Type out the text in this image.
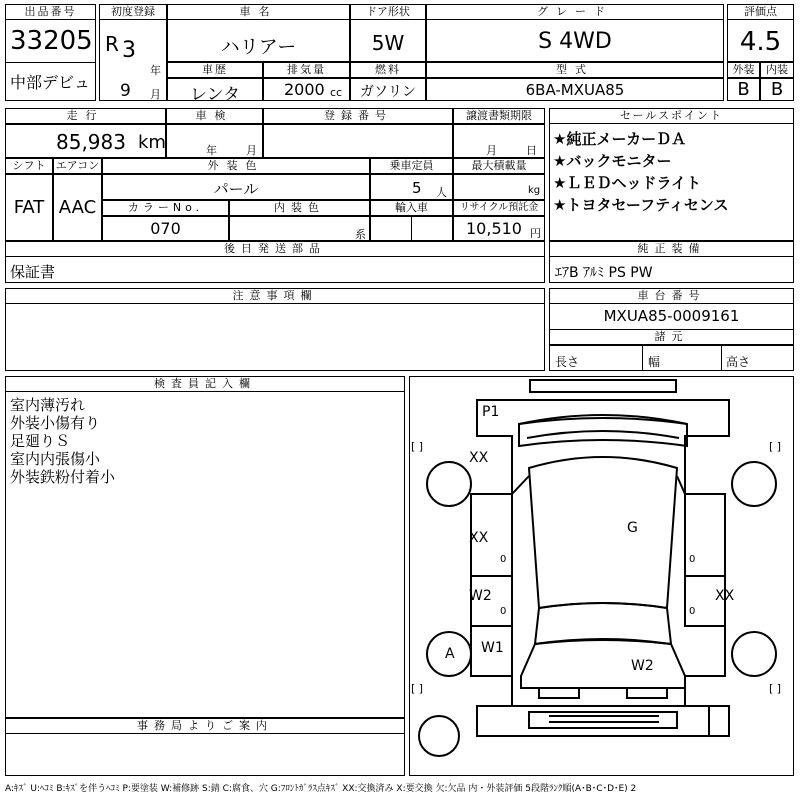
出品番号
33205
中部デビュ
初度登録
R 3
年
9 月
車名
ハリアー
ドア形状
5W
グレード
S 4WD
評価点
4.5
車歴
レンタ
排気量
2000 cc
燃料
ガソリン
型式
6BA-MXUA85
外装	内装
B	B
走行
85,983 km
車検
年	月
登録番号	譲渡書類期限
月	日
シフト
FAT
エアコン
AAC
外装色
パール
乗車定員
5 人
最大積載量
kg
カラーNo.
070
内装色
系
輸入車	リサイクル預託金
10,510 円
セールスポイント
★純正メーカーＤＡ
★バックモニター
★ＬＥＤヘッドライト
★トヨタセーフティセンス
後日発送部品
保証書
純正装備
ｴｱB ｱﾙﾐ PS PW
注意事項欄	車台番号
MXUA85-0009161
諸元
長さ	幅	高さ
検査員記入欄
室内薄汚れ
外装小傷有り
足廻りＳ
室内内張傷小
外装鉄粉付着小
事務局よりご案内
[ ]	[ ]
[ ]	[ ]
P1
XX
XX
G
W2	XX
A W1
W2
0
0
0
0
A:ｷｽﾞ U:ﾍｺﾐ B:ｷｽﾞを伴うﾍｺﾐ P:要塗装 W:補修跡 S:錆 C:腐食、穴 G:ﾌﾛﾝﾄｶﾞﾗｽ点ｷｽﾞ XX:交換済み X:要交換 欠:欠品 内・外装評価 5段階ﾗﾝｸ順(A･B･C･D･E) 2
